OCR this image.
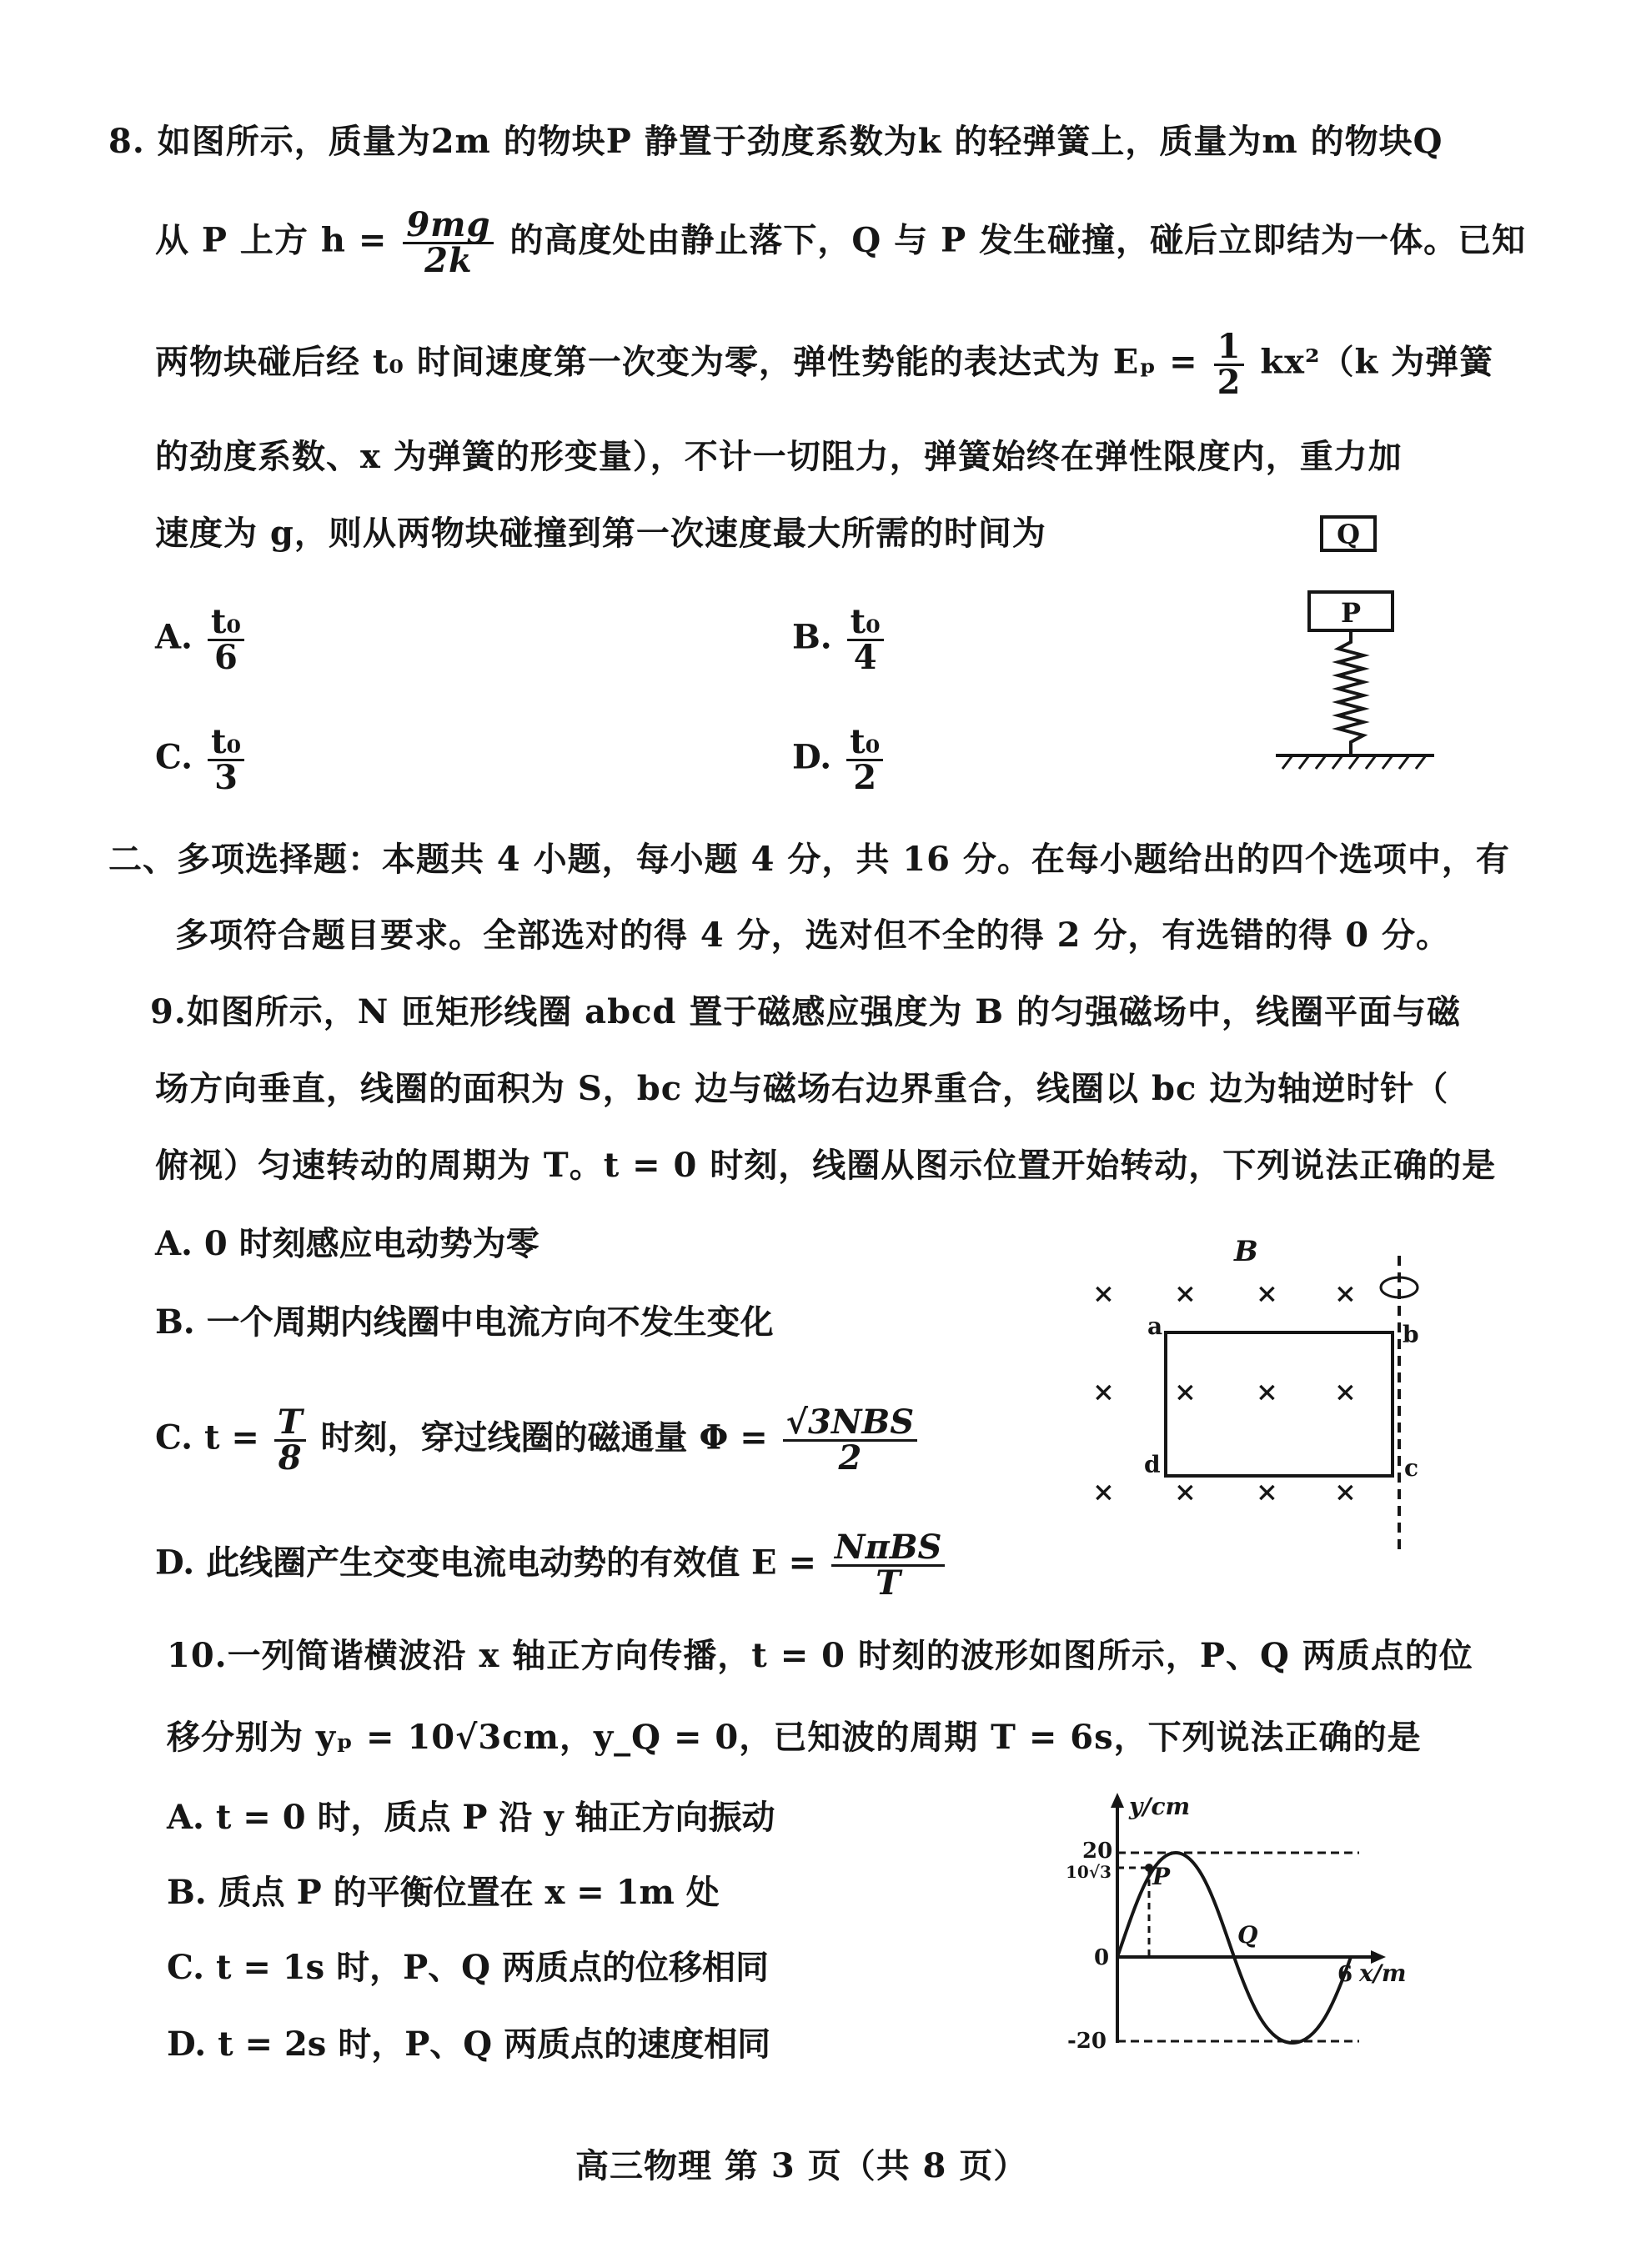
8. 如图所示，质量为2m 的物块P 静置于劲度系数为k 的轻弹簧上，质量为m 的物块Q
从 P 上方 $h = \frac{9mg}{2k}$ 的高度处由静止落下，Q 与 P 发生碰撞，碰后立即结为一体。已知
两物块碰后经 t₀ 时间速度第一次变为零，弹性势能的表达式为 $E_p = \frac{1}{2} kx^2(k$ 为弹簧
的劲度系数、x 为弹簧的形变量），不计一切阻力，弹簧始终在弹性限度内，重力加
速度为 g，则从两物块碰撞到第一次速度最大所需的时间为
A. $\frac{\text{t₀}}{6}$	B. $\frac{\text{t₀}}{4}$
C. $\frac{\text{t₀}}{3}$	D. $\frac{\text{t₀}}{2}$
Q
P
二、多项选择题：本题共 4 小题，每小题 4 分，共 16 分。在每小题给出的四个选项中，有
多项符合题目要求。全部选对的得 4 分，选对但不全的得 2 分，有选错的得 0 分。
9.如图所示，N 匝矩形线圈 abcd 置于磁感应强度为 B 的匀强磁场中，线圈平面与磁
场方向垂直，线圈的面积为 S，bc 边与磁场右边界重合，线圈以 bc 边为轴逆时针（
俯视）匀速转动的周期为 T。t = 0 时刻，线圈从图示位置开始转动，下列说法正确的是
A. 0 时刻感应电动势为零
B. 一个周期内线圈中电流方向不发生变化
C. $t = \frac{T}{8}$ 时刻，穿过线圈的磁通量 $\Phi = \frac{\text{√3NBS}}{2}$
D. 此线圈产生交变电流电动势的有效值 $E = \frac{\text{NπBS}}{T}$
B
× × × ×
× × × ×
× × × ×
a	b
c
d
10.一列简谐横波沿 x 轴正方向传播，t = 0 时刻的波形如图所示，P、Q 两质点的位
移分别为 yₚ = 10√3cm，y_Q = 0，已知波的周期 T = 6s，下列说法正确的是
A. t = 0 时，质点 P 沿 y 轴正方向振动
B. 质点 P 的平衡位置在 x = 1m 处
C. t = 1s 时，P、Q 两质点的位移相同
D. t = 2s 时，P、Q 两质点的速度相同
y/cm
x/m
P
Q
20
10√3
0
-20
6
高三物理 第 3 页（共 8 页）
